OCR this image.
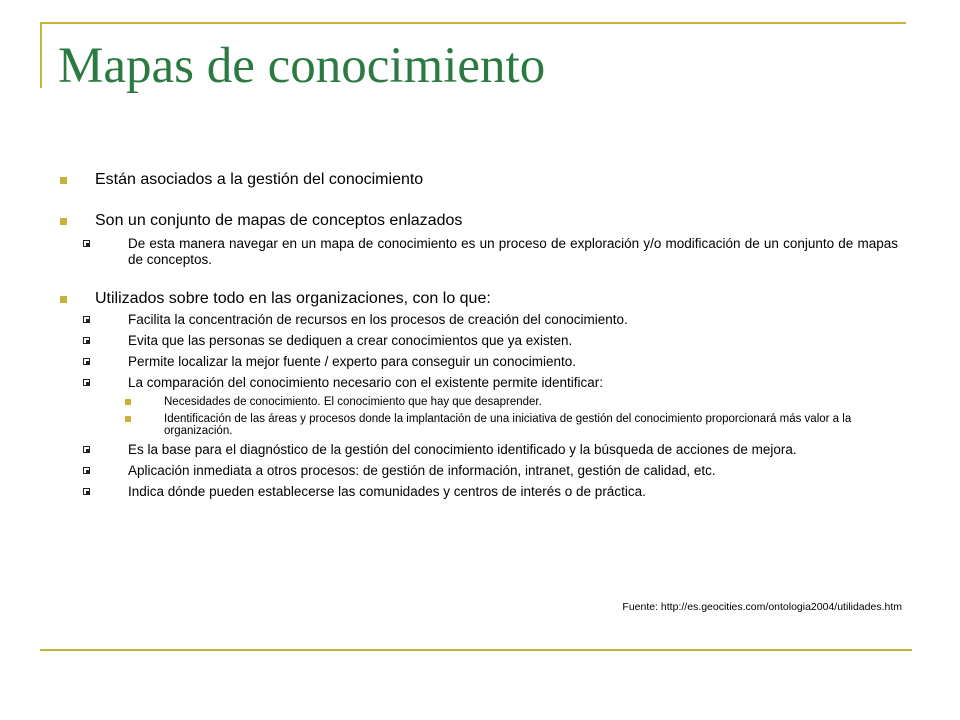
Mapas de conocimiento
Están asociados a la gestión del conocimiento
Son un conjunto de mapas de conceptos enlazados
De esta manera navegar en un mapa de conocimiento es un proceso de exploración y/o modificación de un conjunto de mapas de conceptos.
Utilizados sobre todo en las organizaciones, con lo que:
Facilita la concentración de recursos en los procesos de creación del conocimiento.
Evita que las personas se dediquen a crear conocimientos que ya existen.
Permite localizar la mejor fuente / experto para conseguir un conocimiento.
La comparación del conocimiento necesario con el existente permite identificar:
Necesidades de conocimiento. El conocimiento que hay que desaprender.
Identificación de las áreas y procesos donde la implantación de una iniciativa de gestión del conocimiento proporcionará más valor a la organización.
Es la base para el diagnóstico de la gestión del conocimiento identificado y la búsqueda de acciones de mejora.
Aplicación inmediata a otros procesos: de gestión de información, intranet, gestión de calidad, etc.
Indica dónde pueden establecerse las comunidades y centros de interés o de práctica.
Fuente: http://es.geocities.com/ontologia2004/utilidades.htm
